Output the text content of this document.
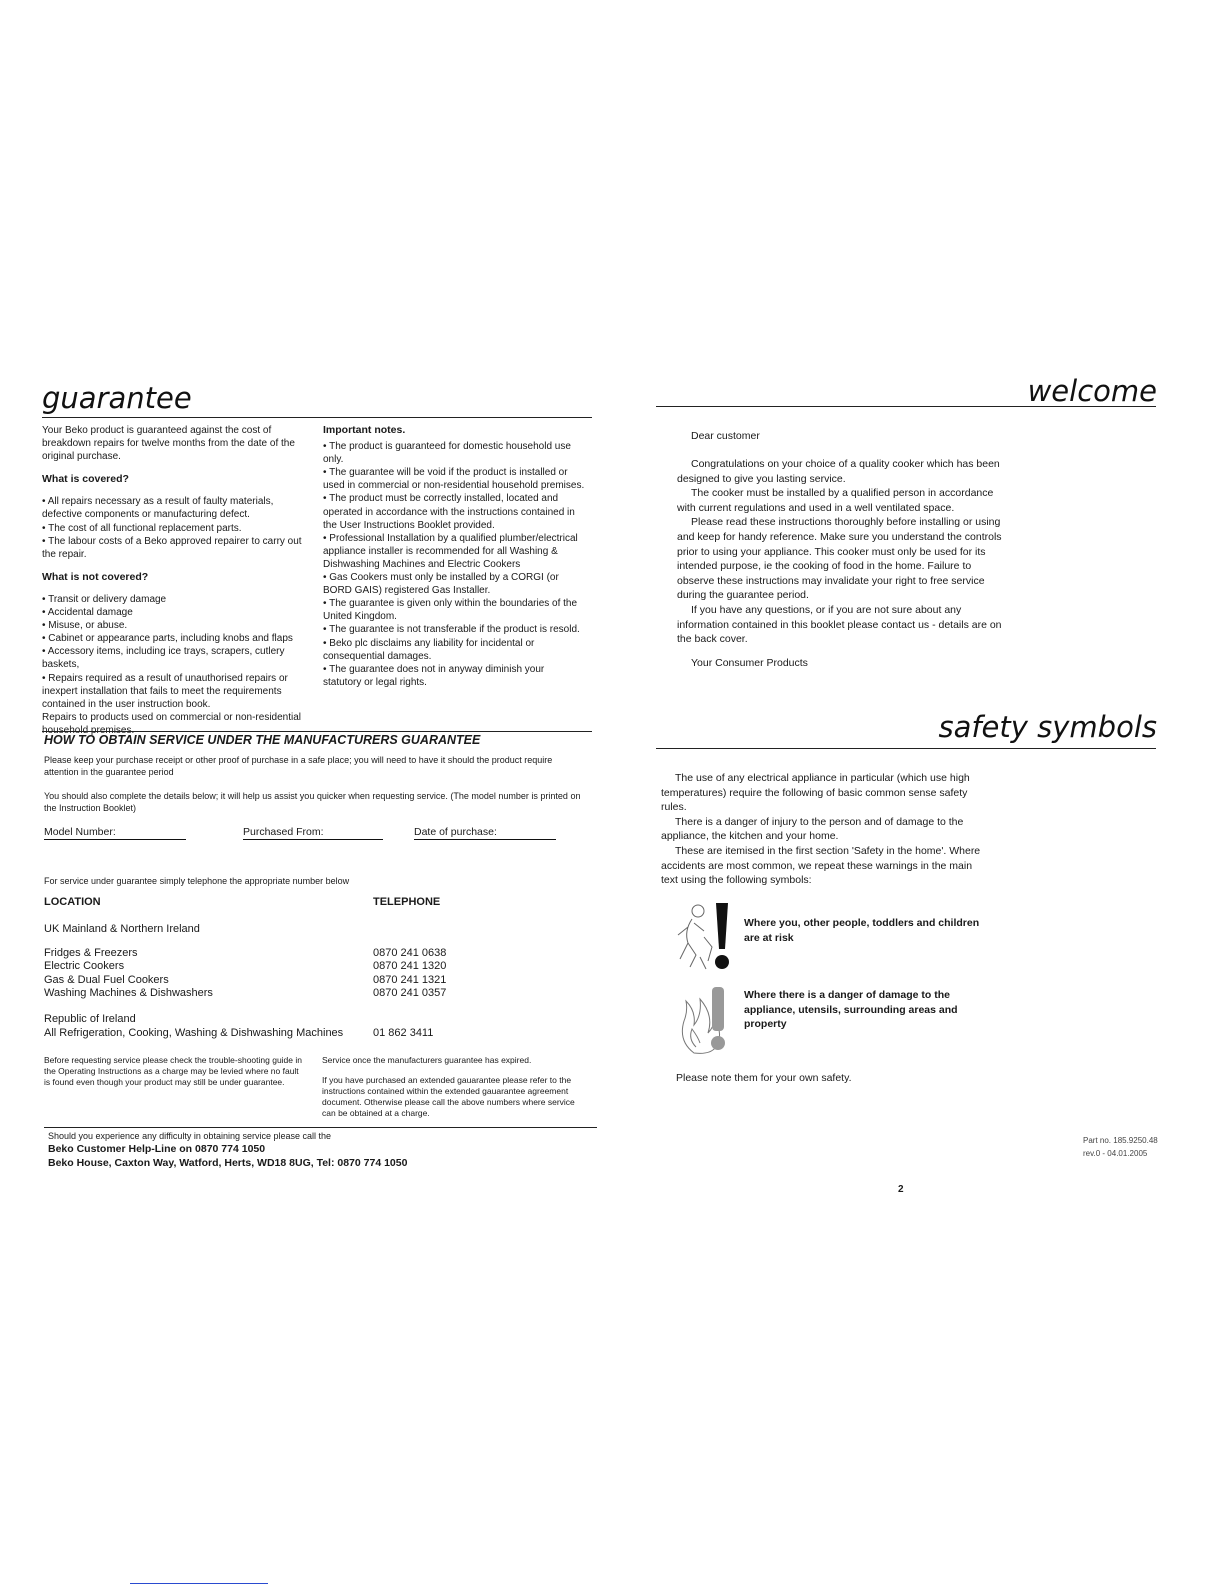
guarantee

Your Beko product is guaranteed against the cost of breakdown repairs for twelve months from the date of the original purchase.

What is covered?
• All repairs necessary as a result of faulty materials, defective components or manufacturing defect.
• The cost of all functional replacement parts.
• The labour costs of a Beko approved repairer to carry out the repair.
What is not covered?
• Transit or delivery damage
• Accidental damage
• Misuse, or abuse.
• Cabinet or appearance parts, including knobs and flaps
• Accessory items, including ice trays, scrapers, cutlery baskets,
• Repairs required as a result of unauthorised repairs or inexpert installation that fails to meet the requirements contained in the user instruction book.

Repairs to products used on commercial or non-residential household premises.

Important notes.
• The product is guaranteed for domestic household use only.
• The guarantee will be void if the product is installed or used in commercial or non-residential household premises.
• The product must be correctly installed, located and operated in accordance with the instructions contained in the User Instructions Booklet provided.
• Professional Installation by a qualified plumber/electrical appliance installer is recommended for all Washing & Dishwashing Machines and Electric Cookers
• Gas Cookers must only be installed by a CORGI (or BORD GAIS) registered Gas Installer.
• The guarantee is given only within the boundaries of the United Kingdom.
• The guarantee is not transferable if the product is resold.
• Beko plc disclaims any liability for incidental or consequential damages.
• The guarantee does not in anyway diminish your statutory or legal rights.
HOW TO OBTAIN SERVICE UNDER THE MANUFACTURERS GUARANTEE
Please keep your purchase receipt or other proof of purchase in a safe place; you will need to have it should the product require attention in the guarantee period
You should also complete the details below; it will help us assist you quicker when requesting service. (The model number is printed on the Instruction Booklet)
Model Number:	Purchased From:	Date of purchase:
For service under guarantee simply telephone the appropriate number below
LOCATION	TELEPHONE
UK Mainland & Northern Ireland
Fridges & Freezers	0870 241 0638
Electric Cookers	0870 241 1320
Gas & Dual Fuel Cookers	0870 241 1321
Washing Machines & Dishwashers	0870 241 0357
Republic of Ireland
All Refrigeration, Cooking, Washing & Dishwashing Machines	01 862 3411
Before requesting service please check the trouble-shooting guide in the Operating Instructions as a charge may be levied where no fault is found even though your product may still be under guarantee.

Service once the manufacturers guarantee has expired.

If you have purchased an extended gauarantee please refer to the instructions contained within the extended gauarantee agreement document. Otherwise please call the above numbers where service can be obtained at a charge.

Should you experience any difficulty in obtaining service please call the
Beko Customer Help-Line on 0870 774 1050
Beko House, Caxton Way, Watford, Herts, WD18 8UG, Tel: 0870 774 1050
welcome
Dear customer

Congratulations on your choice of a quality cooker which has been designed to give you lasting service.

The cooker must be installed by a qualified person in accordance with current regulations and used in a well ventilated space.

Please read these instructions thoroughly before installing or using and keep for handy reference. Make sure you understand the controls prior to using your appliance. This cooker must only be used for its intended purpose, ie the cooking of food in the home. Failure to observe these instructions may invalidate your right to free service during the guarantee period.

If you have any questions, or if you are not sure about any information contained in this booklet please contact us - details are on the back cover.

Your Consumer Products
safety symbols

The use of any electrical appliance in particular (which use high temperatures) require the following of basic common sense safety rules.

There is a danger of injury to the person and of damage to the appliance, the kitchen and your home.

These are itemised in the first section 'Safety in the home'. Where accidents are most common, we repeat these warnings in the main text using the following symbols:

Where you, other people, toddlers and children are at risk
Where there is a danger of damage to the appliance, utensils, surrounding areas and property
Please note them for your own safety.
Part no. 185.9250.48
rev.0 - 04.01.2005
2
